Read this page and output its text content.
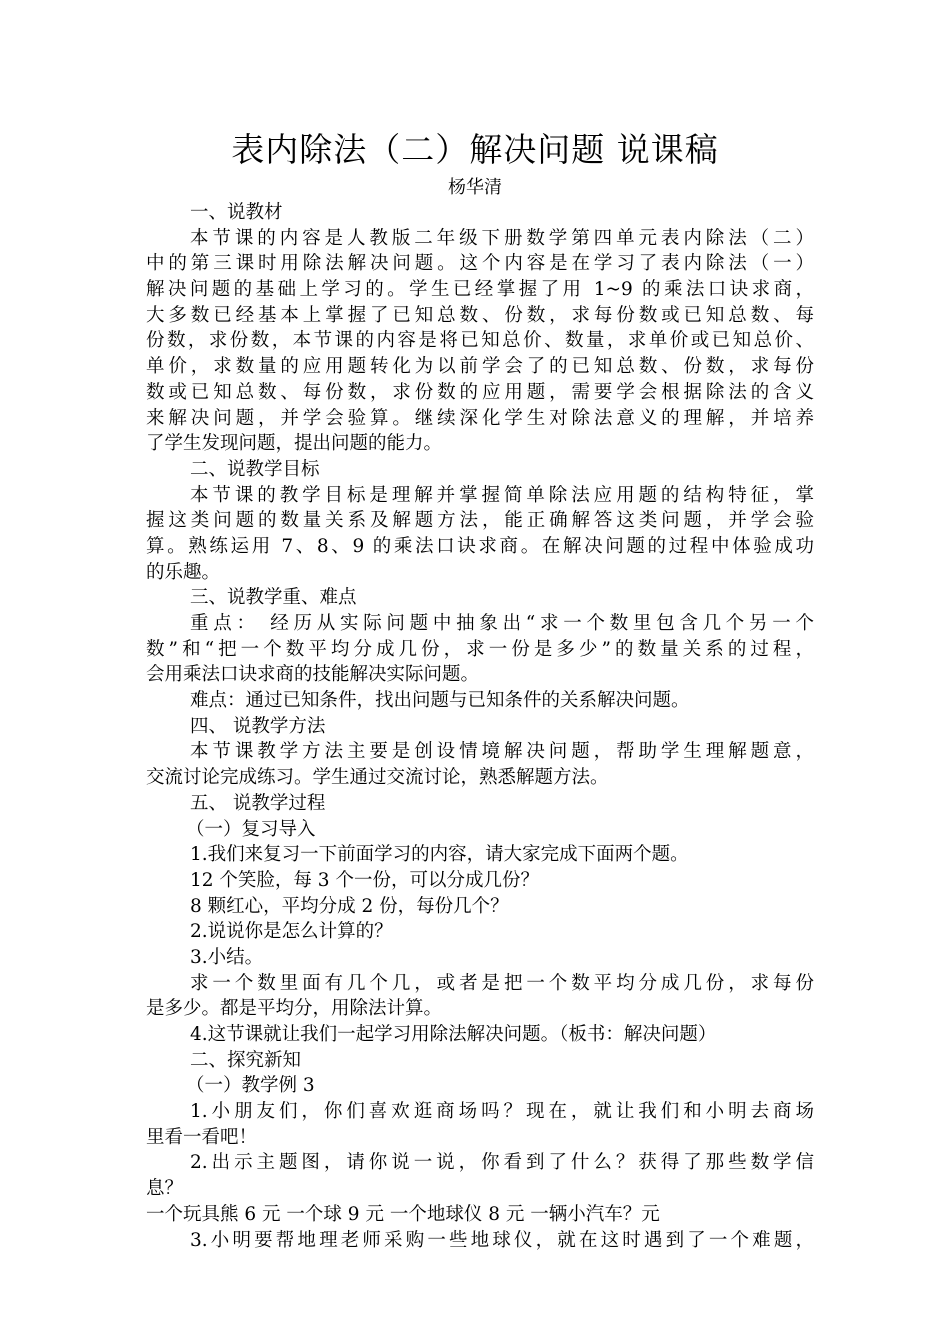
表内除法（二）解决问题 说课稿
杨华清
一、说教材
本节课的内容是人教版二年级下册数学第四单元表内除法（二）
中的第三课时用除法解决问题。这个内容是在学习了表内除法（一）
解决问题的基础上学习的。学生已经掌握了用 1~9 的乘法口诀求商，
大多数已经基本上掌握了已知总数、份数，求每份数或已知总数、每
份数，求份数，本节课的内容是将已知总价、数量，求单价或已知总价、
单价，求数量的应用题转化为以前学会了的已知总数、份数，求每份
数或已知总数、每份数，求份数的应用题，需要学会根据除法的含义
来解决问题，并学会验算。继续深化学生对除法意义的理解，并培养
了学生发现问题，提出问题的能力。
二、说教学目标
本节课的教学目标是理解并掌握简单除法应用题的结构特征，掌
握这类问题的数量关系及解题方法，能正确解答这类问题，并学会验
算。熟练运用 7、8、9 的乘法口诀求商。在解决问题的过程中体验成功
的乐趣。
三、说教学重、难点
重点： 经历从实际问题中抽象出“求一个数里包含几个另一个
数”和“把一个数平均分成几份，求一份是多少”的数量关系的过程，
会用乘法口诀求商的技能解决实际问题。
难点：通过已知条件，找出问题与已知条件的关系解决问题。
四、 说教学方法
本节课教学方法主要是创设情境解决问题，帮助学生理解题意，
交流讨论完成练习。学生通过交流讨论，熟悉解题方法。
五、 说教学过程
（一）复习导入
1.我们来复习一下前面学习的内容，请大家完成下面两个题。
12 个笑脸，每 3 个一份，可以分成几份？
8 颗红心，平均分成 2 份，每份几个？
2.说说你是怎么计算的？
3.小结。
求一个数里面有几个几，或者是把一个数平均分成几份，求每份
是多少。都是平均分，用除法计算。
4.这节课就让我们一起学习用除法解决问题。（板书：解决问题）
二、探究新知
（一）教学例 3
1.小朋友们，你们喜欢逛商场吗？现在，就让我们和小明去商场
里看一看吧！
2.出示主题图，请你说一说，你看到了什么？获得了那些数学信
息？
一个玩具熊 6 元 一个球 9 元 一个地球仪 8 元 一辆小汽车？元
3.小明要帮地理老师采购一些地球仪，就在这时遇到了一个难题，
